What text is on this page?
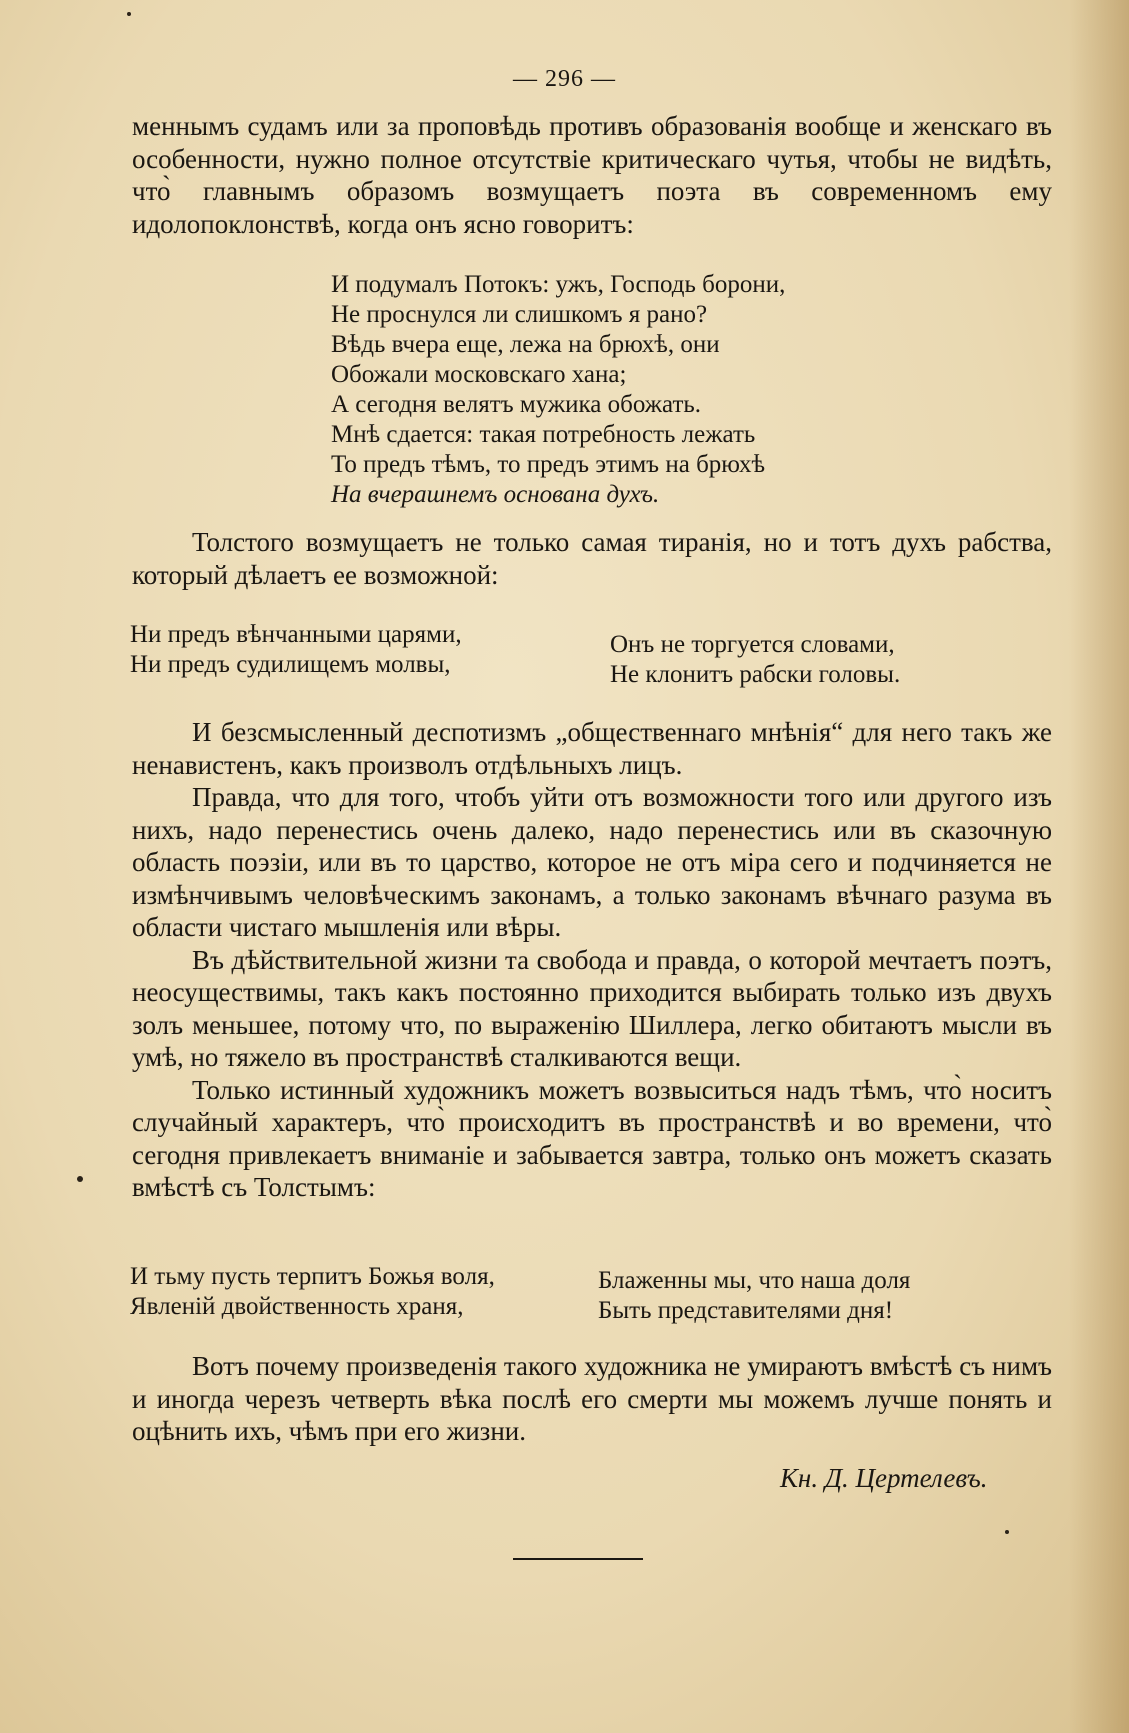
— 296 —

меннымъ судамъ или за проповѣдь противъ образованія вообще и женскаго въ особенности, нужно полное отсутствіе критическаго чутья, чтобы не видѣть, что̀ главнымъ образомъ возмущаетъ поэта въ современномъ ему идолопоклонствѣ, когда онъ ясно говоритъ:

И подумалъ Потокъ: ужъ, Господь борони,
Не проснулся ли слишкомъ я рано?
Вѣдь вчера еще, лежа на брюхѣ, они
Обожали московскаго хана;
А сегодня велятъ мужика обожать.
Мнѣ сдается: такая потребность лежать
То предъ тѣмъ, то предъ этимъ на брюхѣ
На вчерашнемъ основана духъ.

Толстого возмущаетъ не только самая тиранія, но и тотъ духъ рабства, который дѣлаетъ ее возможной:

Ни предъ вѣнчанными царями,
Ни предъ судилищемъ молвы,
Онъ не торгуется словами,
Не клонитъ рабски головы.

И безсмысленный деспотизмъ „общественнаго мнѣнія“ для него такъ же ненавистенъ, какъ произволъ отдѣльныхъ лицъ.

Правда, что для того, чтобъ уйти отъ возможности того или другого изъ нихъ, надо перенестись очень далеко, надо перенестись или въ сказочную область поэзіи, или въ то царство, которое не отъ міра сего и подчиняется не измѣнчивымъ человѣческимъ законамъ, а только законамъ вѣчнаго разума въ области чистаго мышленія или вѣры.

Въ дѣйствительной жизни та свобода и правда, о которой мечтаетъ поэтъ, неосуществимы, такъ какъ постоянно приходится выбирать только изъ двухъ золъ меньшее, потому что, по выраженію Шиллера, легко обитаютъ мысли въ умѣ, но тяжело въ пространствѣ сталкиваются вещи.

Только истинный художникъ можетъ возвыситься надъ тѣмъ, что̀ носитъ случайный характеръ, что̀ происходитъ въ пространствѣ и во времени, что̀ сегодня привлекаетъ вниманіе и забывается завтра, только онъ можетъ сказать вмѣстѣ съ Толстымъ:

И тьму пусть терпитъ Божья воля,
Явленій двойственность храня,
Блаженны мы, что наша доля
Быть представителями дня!

Вотъ почему произведенія такого художника не умираютъ вмѣстѣ съ нимъ и иногда черезъ четверть вѣка послѣ его смерти мы можемъ лучше понять и оцѣнить ихъ, чѣмъ при его жизни.

Кн. Д. Цертелевъ.
